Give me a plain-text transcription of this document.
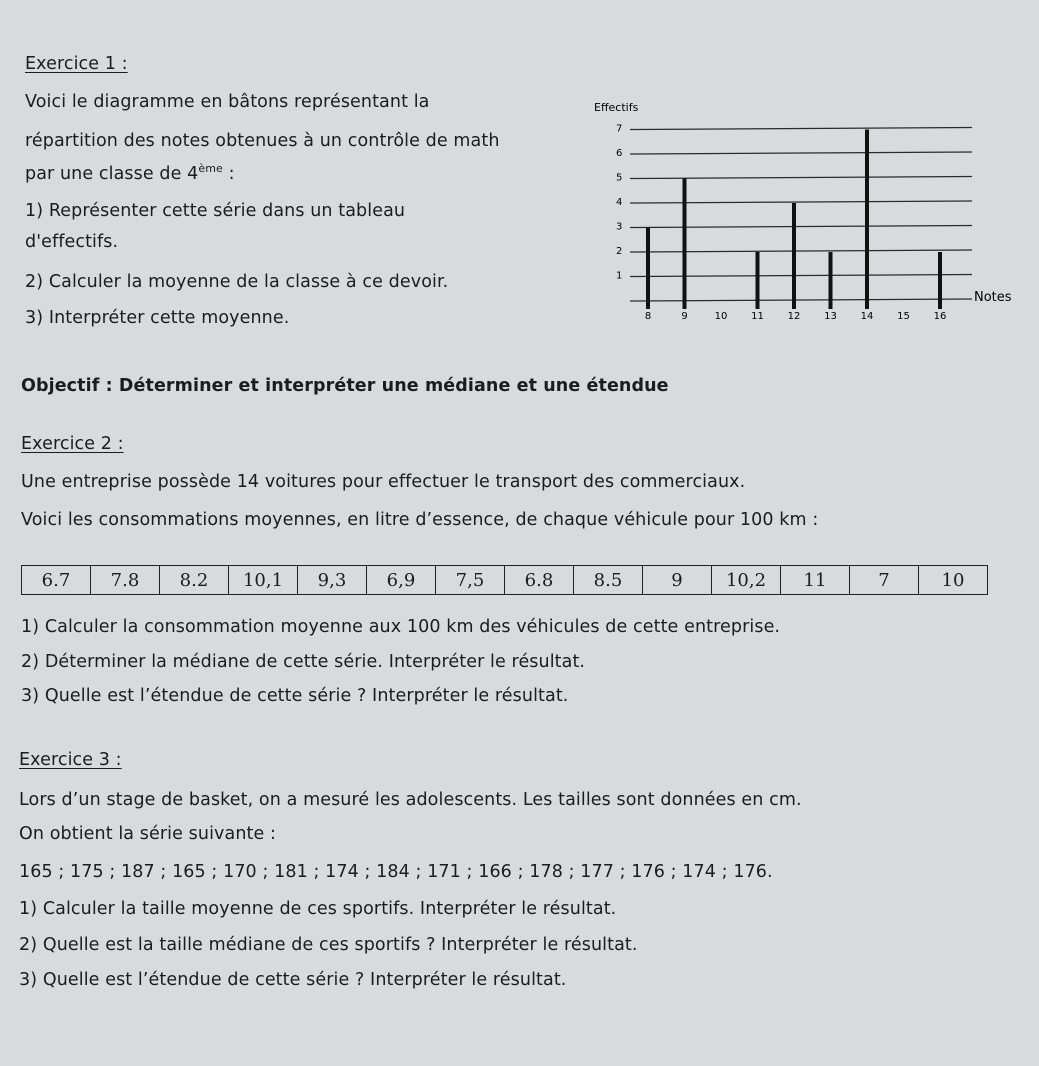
Exercice 1 :
Voici le diagramme en bâtons représentant la
répartition des notes obtenues à un contrôle de math
par une classe de 4ème :
1) Représenter cette série dans un tableau
d'effectifs.
2) Calculer la moyenne de la classe à ce devoir.
3) Interpréter cette moyenne.
Effectifs
1
2
3
4
5
6
7
8	9	10 11 12 13 14 15 16
Notes
Objectif : Déterminer et interpréter une médiane et une étendue
Exercice 2 :
Une entreprise possède 14 voitures pour effectuer le transport des commerciaux.
Voici les consommations moyennes, en litre d’essence, de chaque véhicule pour 100 km :
6.7	7.8	8.2	10,1	9,3	6,9	7,5	6.8	8.5	9	10,2	11	7	10
1) Calculer la consommation moyenne aux 100 km des véhicules de cette entreprise.
2) Déterminer la médiane de cette série. Interpréter le résultat.
3) Quelle est l’étendue de cette série ? Interpréter le résultat.
Exercice 3 :
Lors d’un stage de basket, on a mesuré les adolescents. Les tailles sont données en cm.
On obtient la série suivante :
165 ; 175 ; 187 ; 165 ; 170 ; 181 ; 174 ; 184 ; 171 ; 166 ; 178 ; 177 ; 176 ; 174 ; 176.
1) Calculer la taille moyenne de ces sportifs. Interpréter le résultat.
2) Quelle est la taille médiane de ces sportifs ? Interpréter le résultat.
3) Quelle est l’étendue de cette série ? Interpréter le résultat.
